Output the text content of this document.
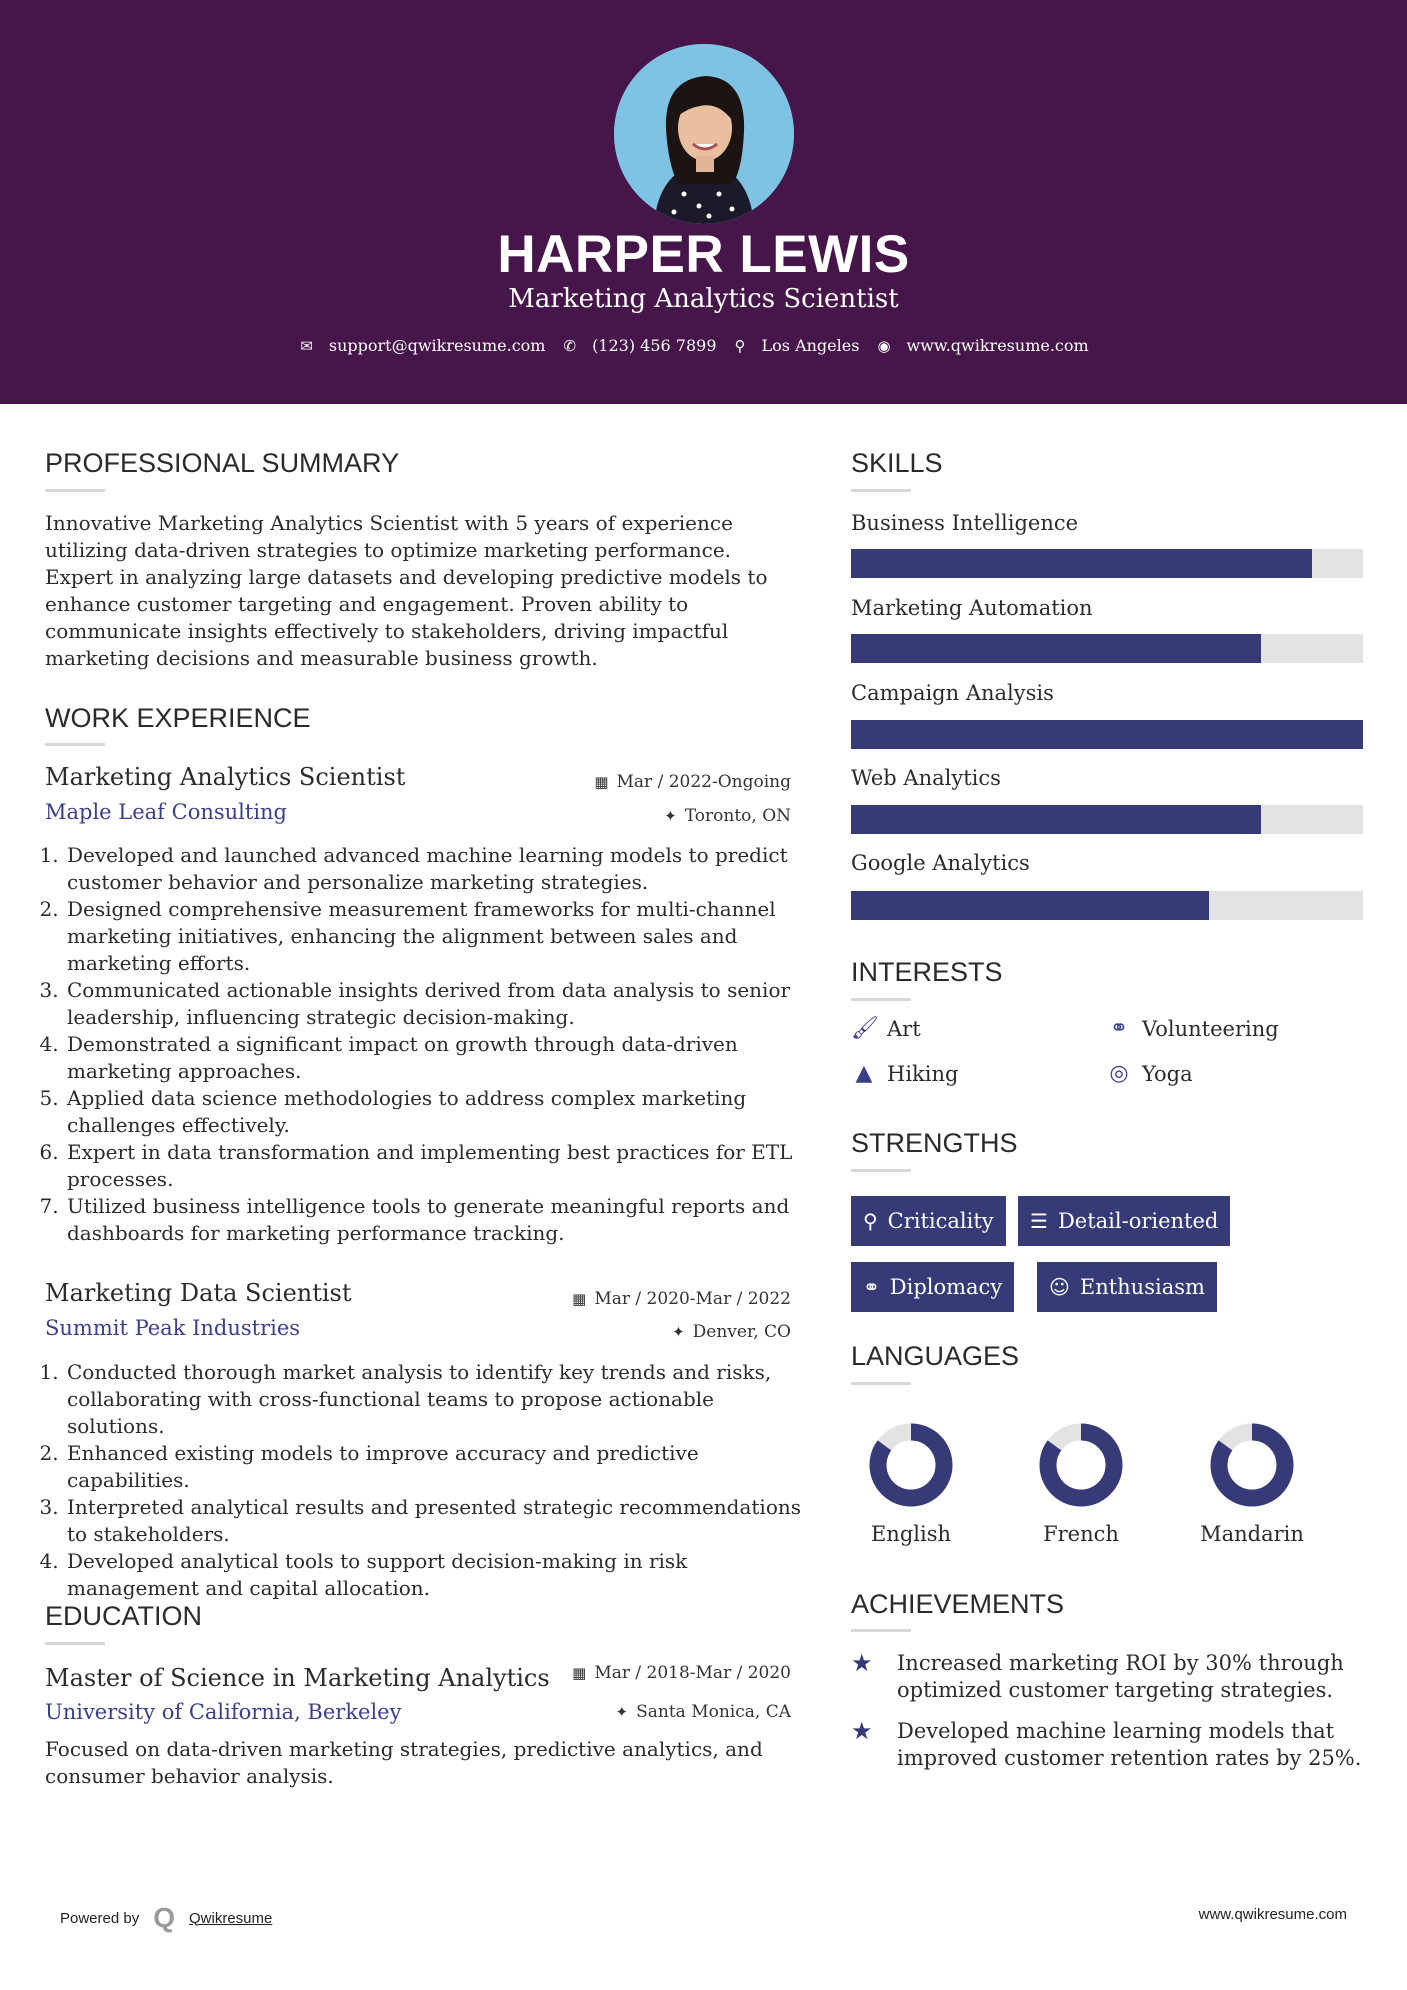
HARPER LEWIS
Marketing Analytics Scientist
✉ support@qwikresume.com ✆ (123) 456 7899 ⚲ Los Angeles ◉ www.qwikresume.com
PROFESSIONAL SUMMARY
Innovative Marketing Analytics Scientist with 5 years of experience utilizing data-driven strategies to optimize marketing performance. Expert in analyzing large datasets and developing predictive models to enhance customer targeting and engagement. Proven ability to communicate insights effectively to stakeholders, driving impactful marketing decisions and measurable business growth.
WORK EXPERIENCE
Marketing Analytics Scientist	▦ Mar / 2022-Ongoing
Maple Leaf Consulting	✦ Toronto, ON
1. Developed and launched advanced machine learning models to predict customer behavior and personalize marketing strategies.
2. Designed comprehensive measurement frameworks for multi-channel marketing initiatives, enhancing the alignment between sales and marketing efforts.
3. Communicated actionable insights derived from data analysis to senior leadership, influencing strategic decision-making.
4. Demonstrated a significant impact on growth through data-driven marketing approaches.
5. Applied data science methodologies to address complex marketing challenges effectively.
6. Expert in data transformation and implementing best practices for ETL processes.
7. Utilized business intelligence tools to generate meaningful reports and dashboards for marketing performance tracking.
Marketing Data Scientist	▦ Mar / 2020-Mar / 2022
Summit Peak Industries	✦ Denver, CO
1. Conducted thorough market analysis to identify key trends and risks, collaborating with cross-functional teams to propose actionable solutions.
2. Enhanced existing models to improve accuracy and predictive capabilities.
3. Interpreted analytical results and presented strategic recommendations to stakeholders.
4. Developed analytical tools to support decision-making in risk management and capital allocation.
EDUCATION
Master of Science in Marketing Analytics ▦ Mar / 2018-Mar / 2020
University of California, Berkeley	✦ Santa Monica, CA
Focused on data-driven marketing strategies, predictive analytics, and consumer behavior analysis.
SKILLS
Business Intelligence
Marketing Automation
Campaign Analysis
Web Analytics
Google Analytics
INTERESTS
🖌 Art	⚭ Volunteering
▲ Hiking	◎ Yoga
STRENGTHS
⚲ Criticality ☰ Detail-oriented
⚭ Diplomacy ☺ Enthusiasm
LANGUAGES
English	French	Mandarin
ACHIEVEMENTS
★	Increased marketing ROI by 30% through optimized customer targeting strategies.
★	Developed machine learning models that improved customer retention rates by 25%.
Powered by Q Qwikresume	www.qwikresume.com
